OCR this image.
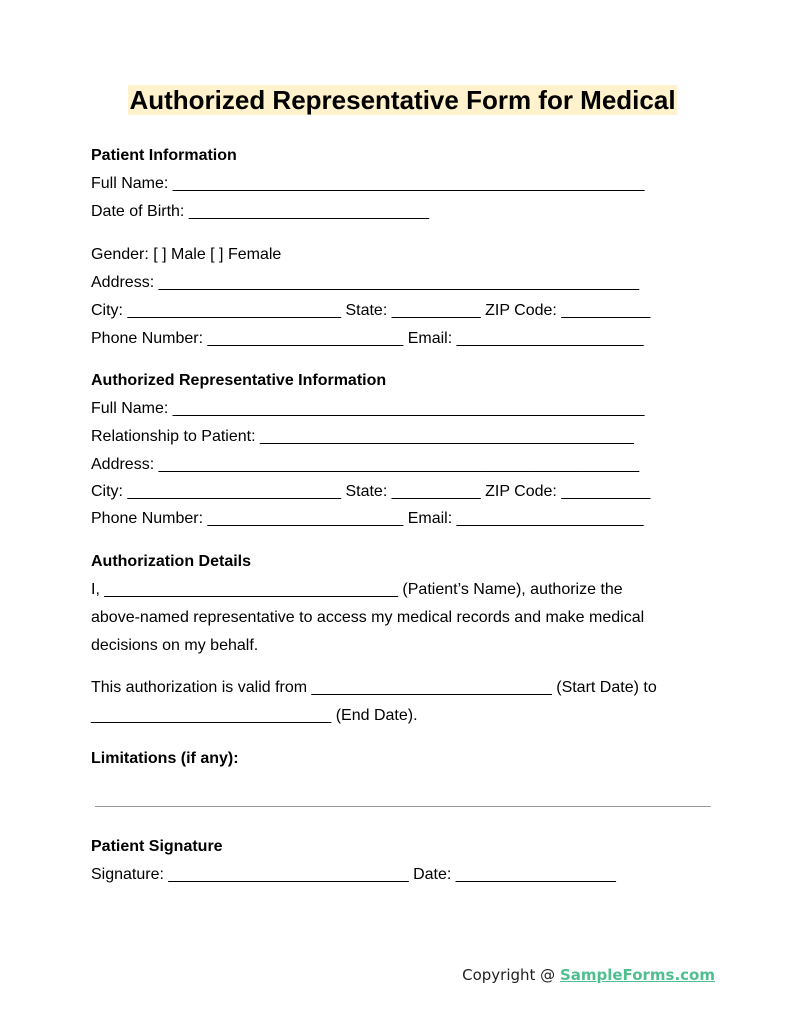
Authorized Representative Form for Medical
Patient Information
Full Name: _____________________________________________________
Date of Birth: ___________________________
Gender: [ ] Male [ ] Female
Address: ______________________________________________________
City: ________________________ State: __________ ZIP Code: __________
Phone Number: ______________________ Email: _____________________
Authorized Representative Information
Full Name: _____________________________________________________
Relationship to Patient: __________________________________________
Address: ______________________________________________________
City: ________________________ State: __________ ZIP Code: __________
Phone Number: ______________________ Email: _____________________
Authorization Details
I, _________________________________ (Patient’s Name), authorize the
above-named representative to access my medical records and make medical
decisions on my behalf.
This authorization is valid from ___________________________ (Start Date) to
___________________________ (End Date).
Limitations (if any):
Patient Signature
Signature: ___________________________ Date: __________________
Copyright @ SampleForms.com
